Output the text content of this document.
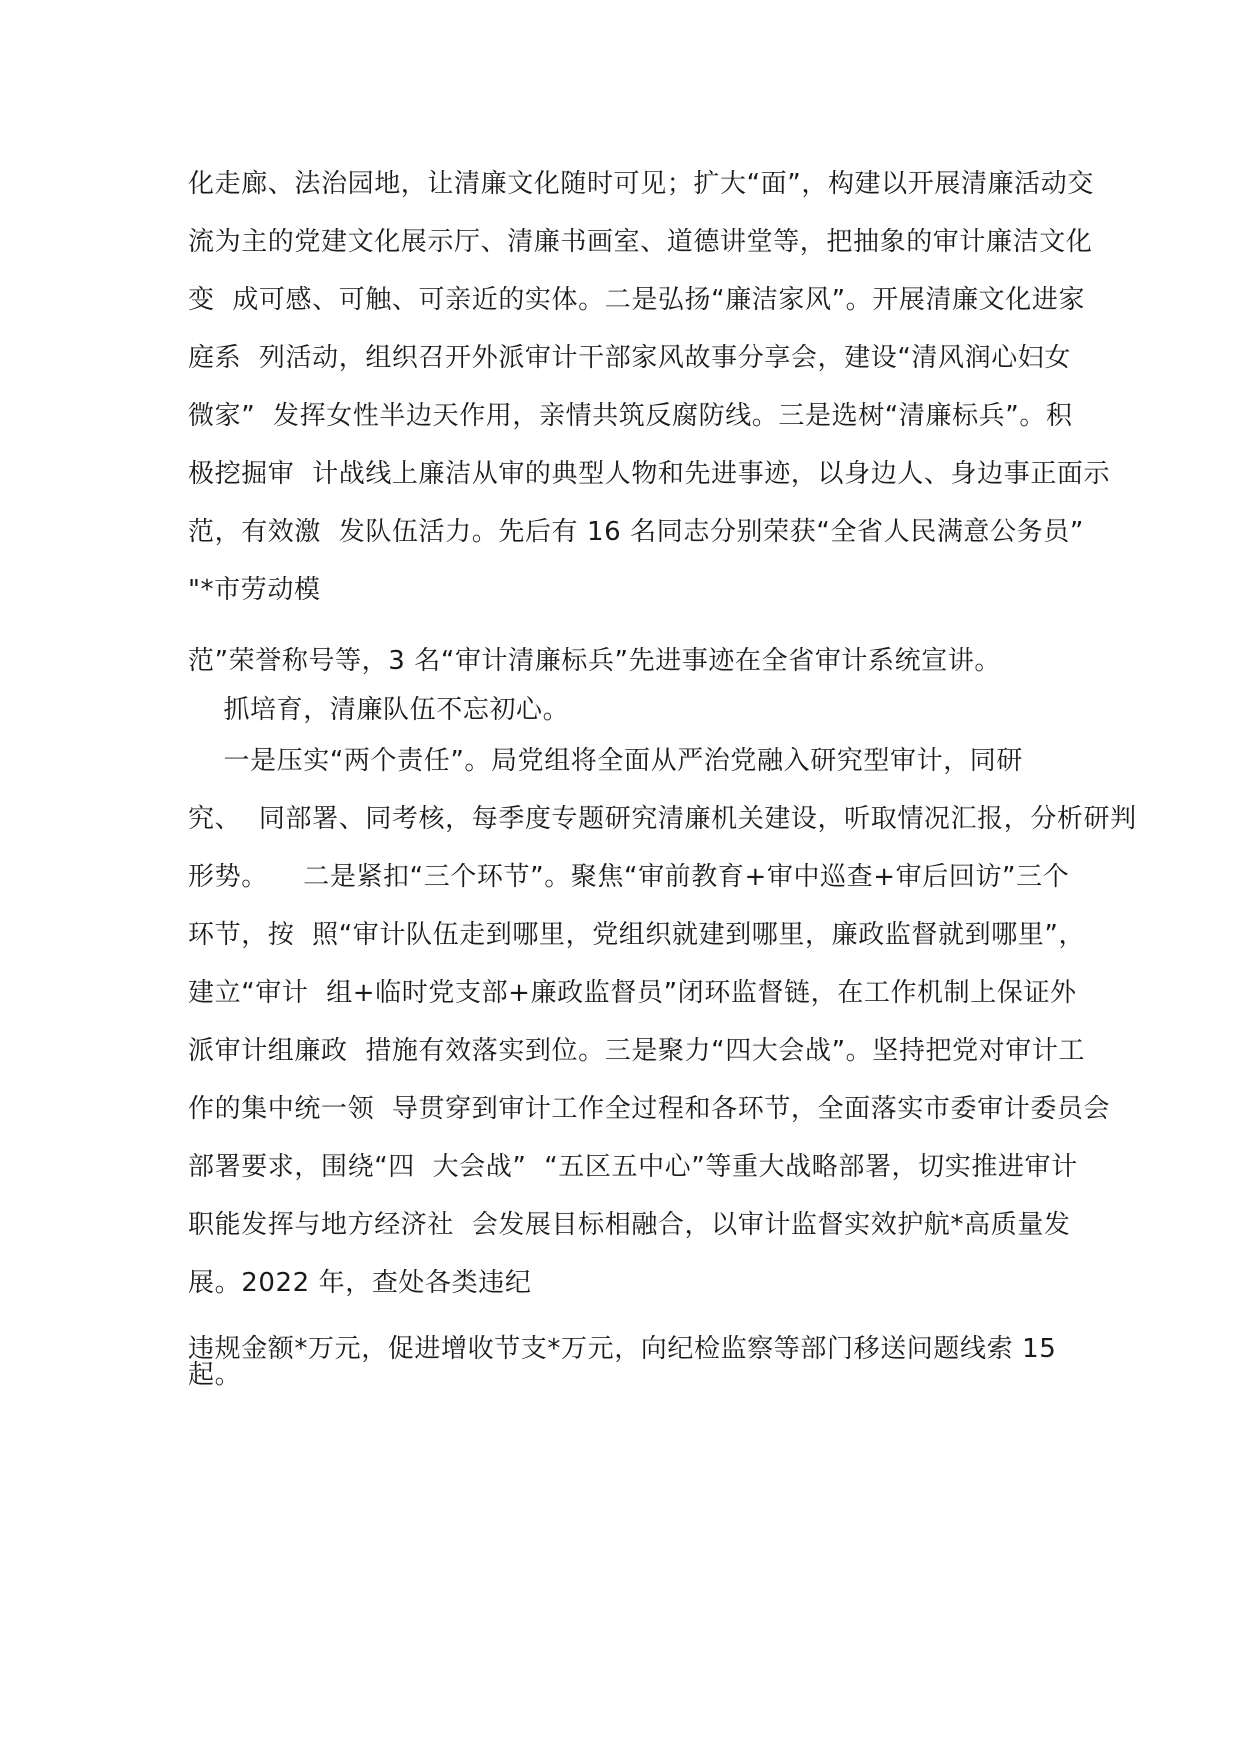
化走廊、法治园地，让清廉文化随时可见；扩大“面”，构建以开展清廉活动交
流为主的党建文化展示厅、清廉书画室、道德讲堂等，把抽象的审计廉洁文化
变  成可感、可触、可亲近的实体。二是弘扬“廉洁家风”。开展清廉文化进家
庭系  列活动，组织召开外派审计干部家风故事分享会，建设“清风润心妇女
微家”  发挥女性半边天作用，亲情共筑反腐防线。三是选树“清廉标兵”。积
极挖掘审  计战线上廉洁从审的典型人物和先进事迹，以身边人、身边事正面示
范，有效激  发队伍活力。先后有 16 名同志分别荣获“全省人民满意公务员”
"*市劳动模
范”荣誉称号等，3 名“审计清廉标兵”先进事迹在全省审计系统宣讲。
抓培育，清廉队伍不忘初心。
一是压实“两个责任”。局党组将全面从严治党融入研究型审计，同研
究、  同部署、同考核，每季度专题研究清廉机关建设，听取情况汇报，分析研判
形势。    二是紧扣“三个环节”。聚焦“审前教育+审中巡查+审后回访”三个
环节，按  照“审计队伍走到哪里，党组织就建到哪里，廉政监督就到哪里”，
建立“审计  组+临时党支部+廉政监督员”闭环监督链，在工作机制上保证外
派审计组廉政  措施有效落实到位。三是聚力“四大会战”。坚持把党对审计工
作的集中统一领  导贯穿到审计工作全过程和各环节，全面落实市委审计委员会
部署要求，围绕“四  大会战”  “五区五中心”等重大战略部署，切实推进审计
职能发挥与地方经济社  会发展目标相融合，以审计监督实效护航*高质量发
展。2022 年，查处各类违纪
违规金额*万元，促进增收节支*万元，向纪检监察等部门移送问题线索 15
起。
